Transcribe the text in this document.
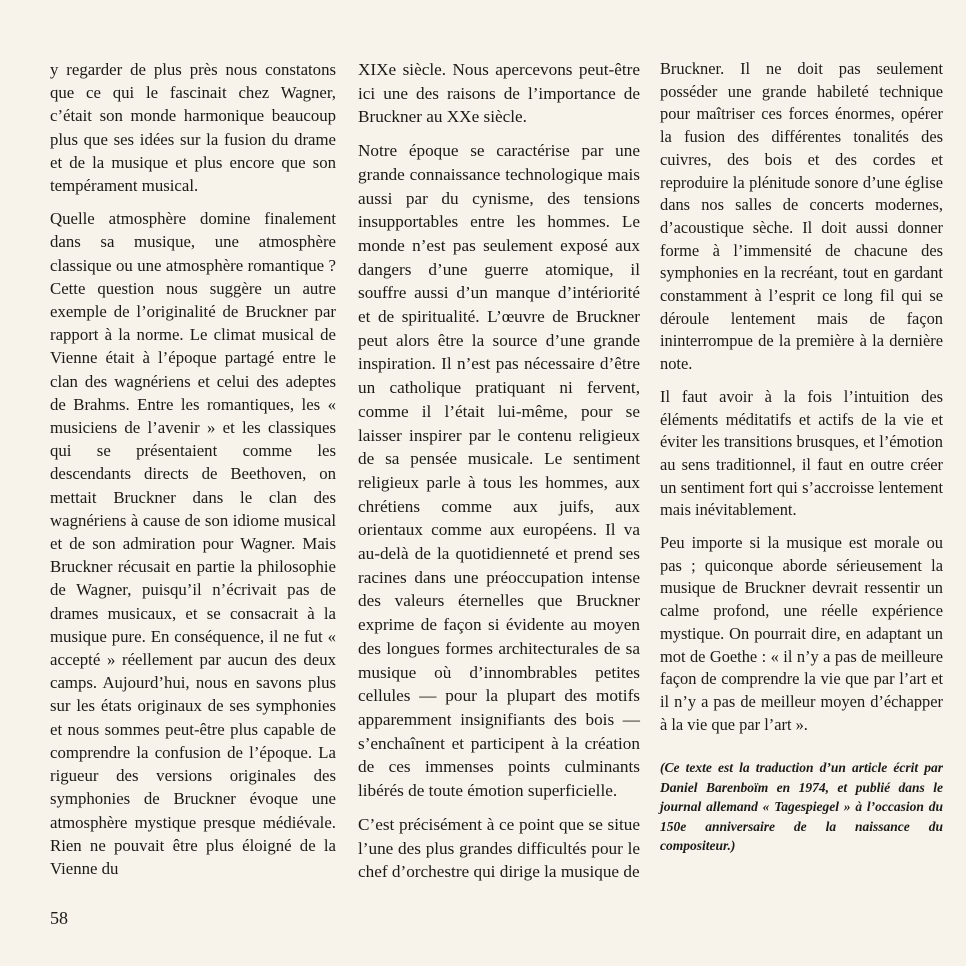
y regarder de plus près nous constatons que ce qui le fascinait chez Wagner, c’était son monde harmonique beaucoup plus que ses idées sur la fusion du drame et de la musique et plus encore que son tempérament musical.

Quelle atmosphère domine finalement dans sa musique, une atmosphère classique ou une atmosphère romantique ? Cette question nous suggère un autre exemple de l’originalité de Bruckner par rapport à la norme. Le climat musical de Vienne était à l’époque partagé entre le clan des wagnériens et celui des adeptes de Brahms. Entre les romantiques, les « musiciens de l’avenir » et les classiques qui se présentaient comme les descendants directs de Beethoven, on mettait Bruckner dans le clan des wagnériens à cause de son idiome musical et de son admiration pour Wagner. Mais Bruckner récusait en partie la philosophie de Wagner, puisqu’il n’écrivait pas de drames musicaux, et se consacrait à la musique pure. En conséquence, il ne fut « accepté » réellement par aucun des deux camps. Aujourd’hui, nous en savons plus sur les états originaux de ses symphonies et nous sommes peut-être plus capable de comprendre la confusion de l’époque. La rigueur des versions originales des symphonies de Bruckner évoque une atmosphère mystique presque médiévale. Rien ne pouvait être plus éloigné de la Vienne du

XIXe siècle. Nous apercevons peut-être ici une des raisons de l’importance de Bruckner au XXe siècle.

Notre époque se caractérise par une grande connaissance technologique mais aussi par du cynisme, des tensions insupportables entre les hommes. Le monde n’est pas seulement exposé aux dangers d’une guerre atomique, il souffre aussi d’un manque d’intériorité et de spiritualité. L’œuvre de Bruckner peut alors être la source d’une grande inspiration. Il n’est pas nécessaire d’être un catholique pratiquant ni fervent, comme il l’était lui-même, pour se laisser inspirer par le contenu religieux de sa pensée musicale. Le sentiment religieux parle à tous les hommes, aux chrétiens comme aux juifs, aux orientaux comme aux européens. Il va au-delà de la quotidienneté et prend ses racines dans une préoccupation intense des valeurs éternelles que Bruckner exprime de façon si évidente au moyen des longues formes architecturales de sa musique où d’innombrables petites cellules — pour la plupart des motifs apparemment insignifiants des bois — s’enchaînent et participent à la création de ces immenses points culminants libérés de toute émotion superficielle.

C’est précisément à ce point que se situe l’une des plus grandes difficultés pour le chef d’orchestre qui dirige la musique de

Bruckner. Il ne doit pas seulement posséder une grande habileté technique pour maîtriser ces forces énormes, opérer la fusion des différentes tonalités des cuivres, des bois et des cordes et reproduire la plénitude sonore d’une église dans nos salles de concerts modernes, d’acoustique sèche. Il doit aussi donner forme à l’immensité de chacune des symphonies en la recréant, tout en gardant constamment à l’esprit ce long fil qui se déroule lentement mais de façon ininterrompue de la première à la dernière note.

Il faut avoir à la fois l’intuition des éléments méditatifs et actifs de la vie et éviter les transitions brusques, et l’émotion au sens traditionnel, il faut en outre créer un sentiment fort qui s’accroisse lentement mais inévitablement.

Peu importe si la musique est morale ou pas ; quiconque aborde sérieusement la musique de Bruckner devrait ressentir un calme profond, une réelle expérience mystique. On pourrait dire, en adaptant un mot de Goethe : « il n’y a pas de meilleure façon de comprendre la vie que par l’art et il n’y a pas de meilleur moyen d’échapper à la vie que par l’art ».

(Ce texte est la traduction d’un article écrit par Daniel Barenboïm en 1974, et publié dans le journal allemand « Tagespiegel » à l’occasion du 150e anniversaire de la naissance du compositeur.)

58
